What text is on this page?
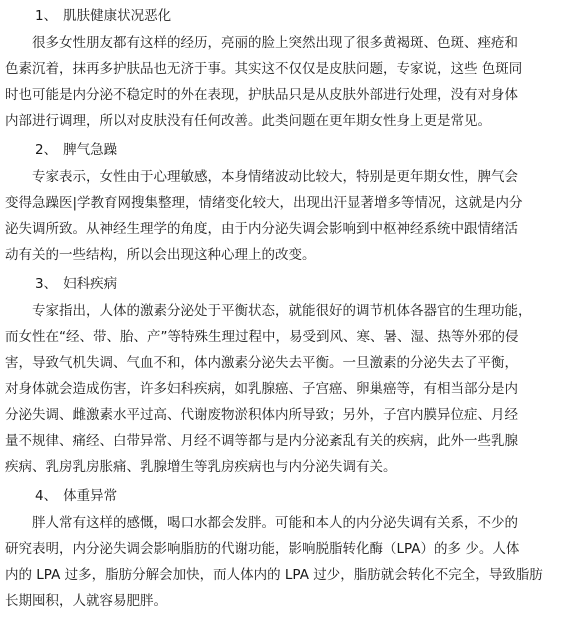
1、 肌肤健康状况恶化
很多女性朋友都有这样的经历，亮丽的脸上突然出现了很多黄褐斑、色斑、痤疮和
色素沉着，抹再多护肤品也无济于事。其实这不仅仅是皮肤问题，专家说，这些 色斑同
时也可能是内分泌不稳定时的外在表现，护肤品只是从皮肤外部进行处理，没有对身体
内部进行调理，所以对皮肤没有任何改善。此类问题在更年期女性身上更是常见。
2、 脾气急躁
专家表示，女性由于心理敏感，本身情绪波动比较大，特别是更年期女性，脾气会
变得急躁医|学教育网搜集整理，情绪变化较大，出现出汗显著增多等情况，这就是内分
泌失调所致。从神经生理学的角度，由于内分泌失调会影响到中枢神经系统中跟情绪活
动有关的一些结构，所以会出现这种心理上的改变。
3、 妇科疾病
专家指出，人体的激素分泌处于平衡状态，就能很好的调节机体各器官的生理功能，
而女性在“经、带、胎、产”等特殊生理过程中，易受到风、寒、暑、湿、热等外邪的侵
害，导致气机失调、气血不和，体内激素分泌失去平衡。一旦激素的分泌失去了平衡，
对身体就会造成伤害，许多妇科疾病，如乳腺癌、子宫癌、卵巢癌等，有相当部分是内
分泌失调、雌激素水平过高、代谢废物淤积体内所导致；另外，子宫内膜异位症、月经
量不规律、痛经、白带异常、月经不调等都与是内分泌紊乱有关的疾病，此外一些乳腺
疾病、乳房乳房胀痛、乳腺增生等乳房疾病也与内分泌失调有关。
4、 体重异常
胖人常有这样的感慨，喝口水都会发胖。可能和本人的内分泌失调有关系，不少的
研究表明，内分泌失调会影响脂肪的代谢功能，影响脱脂转化酶（LPA）的多 少。人体
内的 LPA 过多，脂肪分解会加快，而人体内的 LPA 过少，脂肪就会转化不完全，导致脂肪
长期囤积，人就容易肥胖。
